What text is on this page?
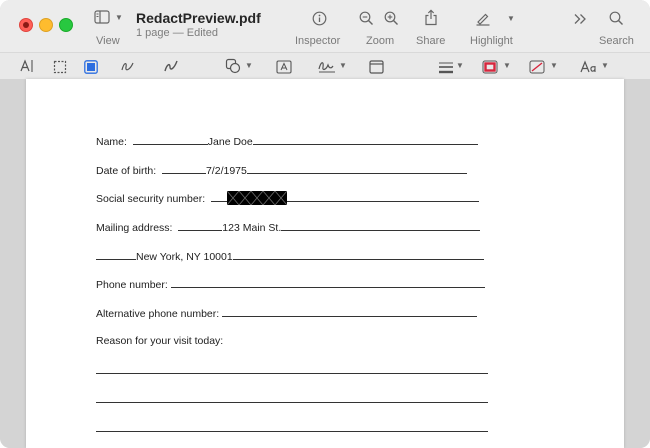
▼
View
RedactPreview.pdf
1 page — Edited
Inspector Zoom Share
▼
Highlight	Search
▼	▼	▼	▼	▼	▼
Name:	Jane Doe
Date of birth:	7/2/1975
Social security number:
Mailing address:	123 Main St.
New York, NY 10001
Phone number:
Alternative phone number:
Reason for your visit today:
